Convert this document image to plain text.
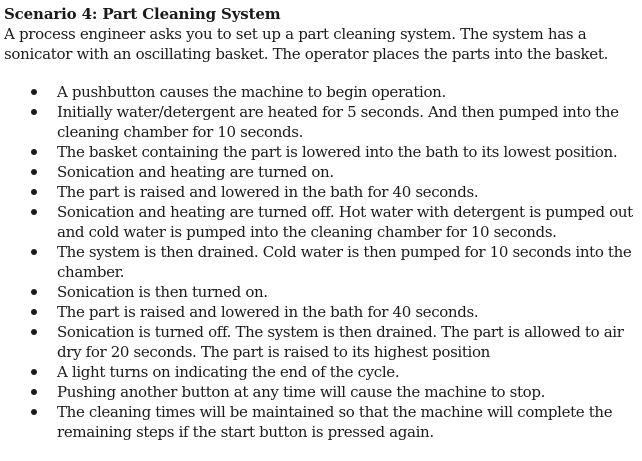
Scenario 4: Part Cleaning System

A process engineer asks you to set up a part cleaning system. The system has a sonicator with an oscillating basket. The operator places the parts into the basket.

A pushbutton causes the machine to begin operation.
Initially water/detergent are heated for 5 seconds. And then pumped into the cleaning chamber for 10 seconds.
The basket containing the part is lowered into the bath to its lowest position.
Sonication and heating are turned on.
The part is raised and lowered in the bath for 40 seconds.
Sonication and heating are turned off. Hot water with detergent is pumped out and cold water is pumped into the cleaning chamber for 10 seconds.
The system is then drained. Cold water is then pumped for 10 seconds into the chamber.
Sonication is then turned on.
The part is raised and lowered in the bath for 40 seconds.
Sonication is turned off. The system is then drained. The part is allowed to air dry for 20 seconds. The part is raised to its highest position
A light turns on indicating the end of the cycle.
Pushing another button at any time will cause the machine to stop.
The cleaning times will be maintained so that the machine will complete the remaining steps if the start button is pressed again.
